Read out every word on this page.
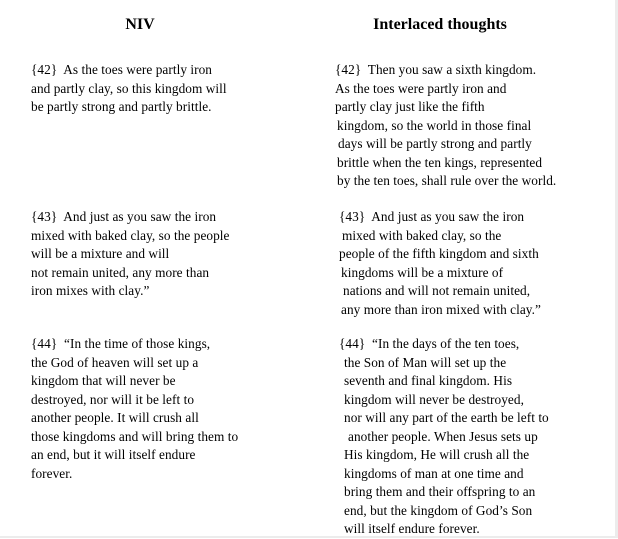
NIV	Interlaced thoughts
{42}  As the toes were partly iron
and partly clay, so this kingdom will
be partly strong and partly brittle.
{43}  And just as you saw the iron
mixed with baked clay, so the people
will be a mixture and will
not remain united, any more than
iron mixes with clay.”
{44}  “In the time of those kings,
the God of heaven will set up a
kingdom that will never be
destroyed, nor will it be left to
another people. It will crush all
those kingdoms and will bring them to
an end, but it will itself endure
forever.
{42}  Then you saw a sixth kingdom.
As the toes were partly iron and
partly clay just like the fifth
kingdom, so the world in those final
days will be partly strong and partly
brittle when the ten kings, represented
by the ten toes, shall rule over the world.
{43}  And just as you saw the iron
mixed with baked clay, so the
people of the fifth kingdom and sixth
kingdoms will be a mixture of
nations and will not remain united,
any more than iron mixed with clay.”
{44}  “In the days of the ten toes,
the Son of Man will set up the
seventh and final kingdom. His
kingdom will never be destroyed,
nor will any part of the earth be left to
another people. When Jesus sets up
His kingdom, He will crush all the
kingdoms of man at one time and
bring them and their offspring to an
end, but the kingdom of God’s Son
will itself endure forever.
